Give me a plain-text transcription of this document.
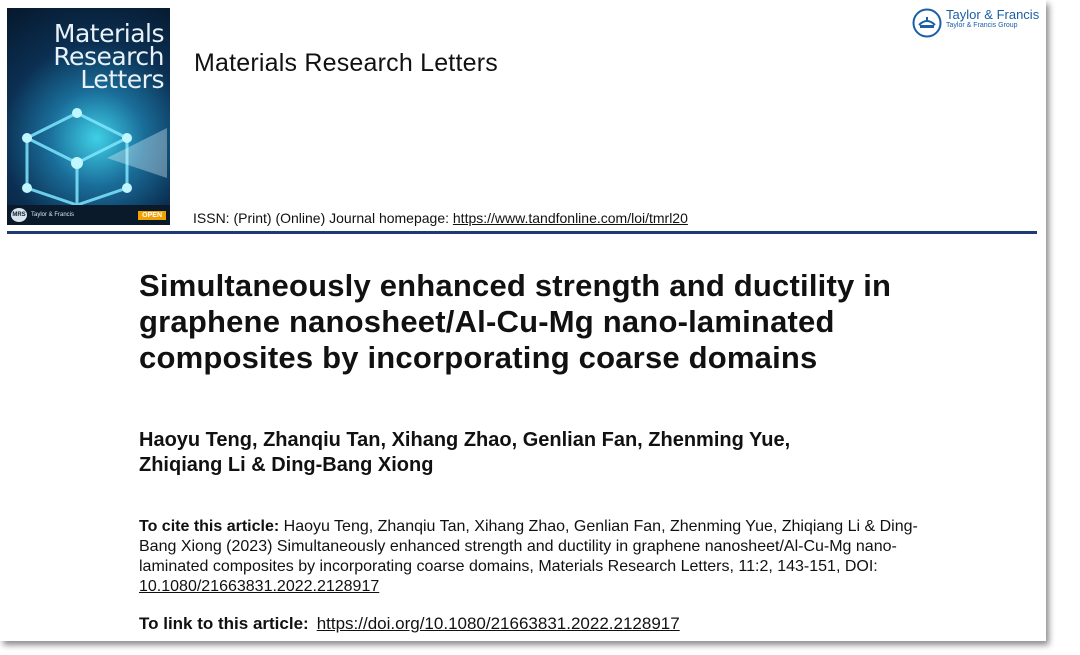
Materials
Research
Letters
MRS Taylor & Francis	OPEN
Materials Research Letters
ISSN: (Print) (Online) Journal homepage: https://www.tandfonline.com/loi/tmrl20
Taylor & Francis
Taylor & Francis Group
Simultaneously enhanced strength and ductility in graphene nanosheet/Al-Cu-Mg nano-laminated composites by incorporating coarse domains
Haoyu Teng, Zhanqiu Tan, Xihang Zhao, Genlian Fan, Zhenming Yue,
Zhiqiang Li & Ding-Bang Xiong
To cite this article: Haoyu Teng, Zhanqiu Tan, Xihang Zhao, Genlian Fan, Zhenming Yue, Zhiqiang Li & Ding-Bang Xiong (2023) Simultaneously enhanced strength and ductility in graphene nanosheet/Al-Cu-Mg nano-laminated composites by incorporating coarse domains, Materials Research Letters, 11:2, 143-151, DOI: 10.1080/21663831.2022.2128917
To link to this article: https://doi.org/10.1080/21663831.2022.2128917
